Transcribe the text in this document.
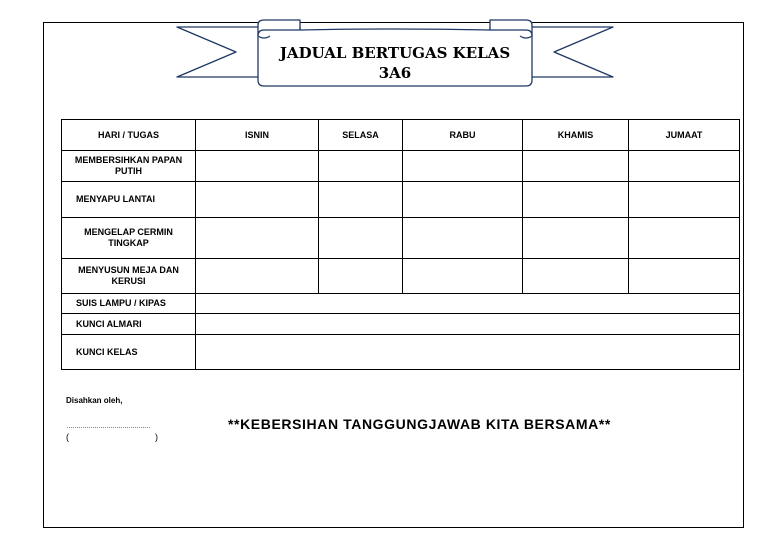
JADUAL BERTUGAS KELAS
3A6
HARI / TUGAS	ISNIN	SELASA	RABU	KHAMIS	JUMAAT
MEMBERSIHKAN PAPAN PUTIH					
MENYAPU LANTAI					
MENGELAP CERMIN TINGKAP					
MENYUSUN MEJA DAN KERUSI					
SUIS LAMPU / KIPAS					
KUNCI ALMARI					
KUNCI KELAS					
Disahkan oleh,
……………………………………
(	)
**KEBERSIHAN TANGGUNGJAWAB KITA BERSAMA**
